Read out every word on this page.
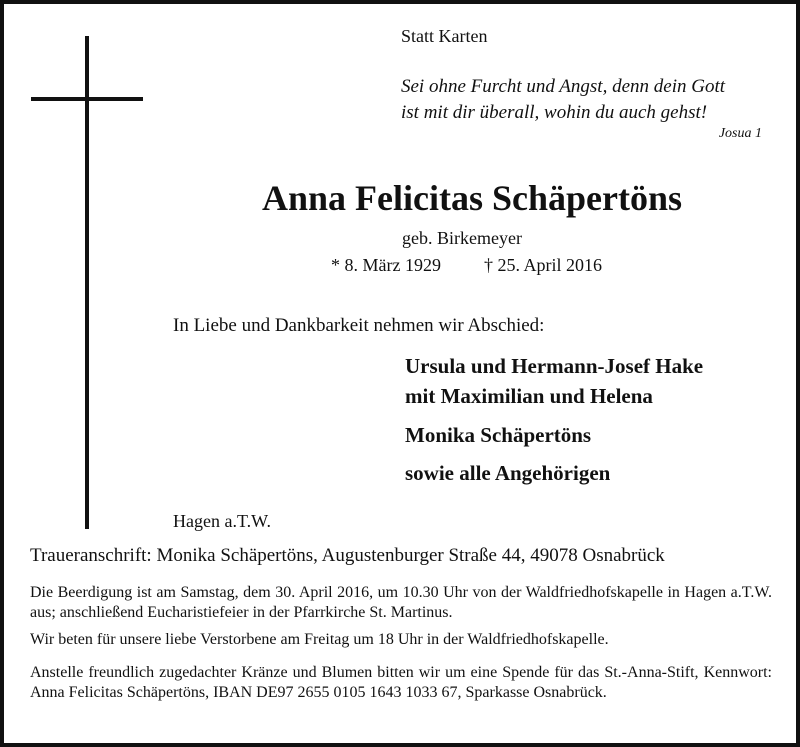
Statt Karten
Sei ohne Furcht und Angst, denn dein Gott
ist mit dir überall, wohin du auch gehst!
Josua 1
Anna Felicitas Schäpertöns
geb. Birkemeyer
* 8. März 1929 † 25. April 2016
In Liebe und Dankbarkeit nehmen wir Abschied:
Ursula und Hermann-Josef Hake
mit Maximilian und Helena
Monika Schäpertöns
sowie alle Angehörigen
Hagen a.T.W.
Traueranschrift: Monika Schäpertöns, Augustenburger Straße 44, 49078 Osnabrück
Die Beerdigung ist am Samstag, dem 30. April 2016, um 10.30 Uhr von der Waldfriedhofskapelle in Hagen a.T.W. aus; anschließend Eucharistiefeier in der Pfarrkirche St. Martinus.
Wir beten für unsere liebe Verstorbene am Freitag um 18 Uhr in der Waldfriedhofskapelle.
Anstelle freundlich zugedachter Kränze und Blumen bitten wir um eine Spende für das St.-Anna-Stift, Kennwort: Anna Felicitas Schäpertöns, IBAN DE97 2655 0105 1643 1033 67, Sparkasse Osnabrück.
